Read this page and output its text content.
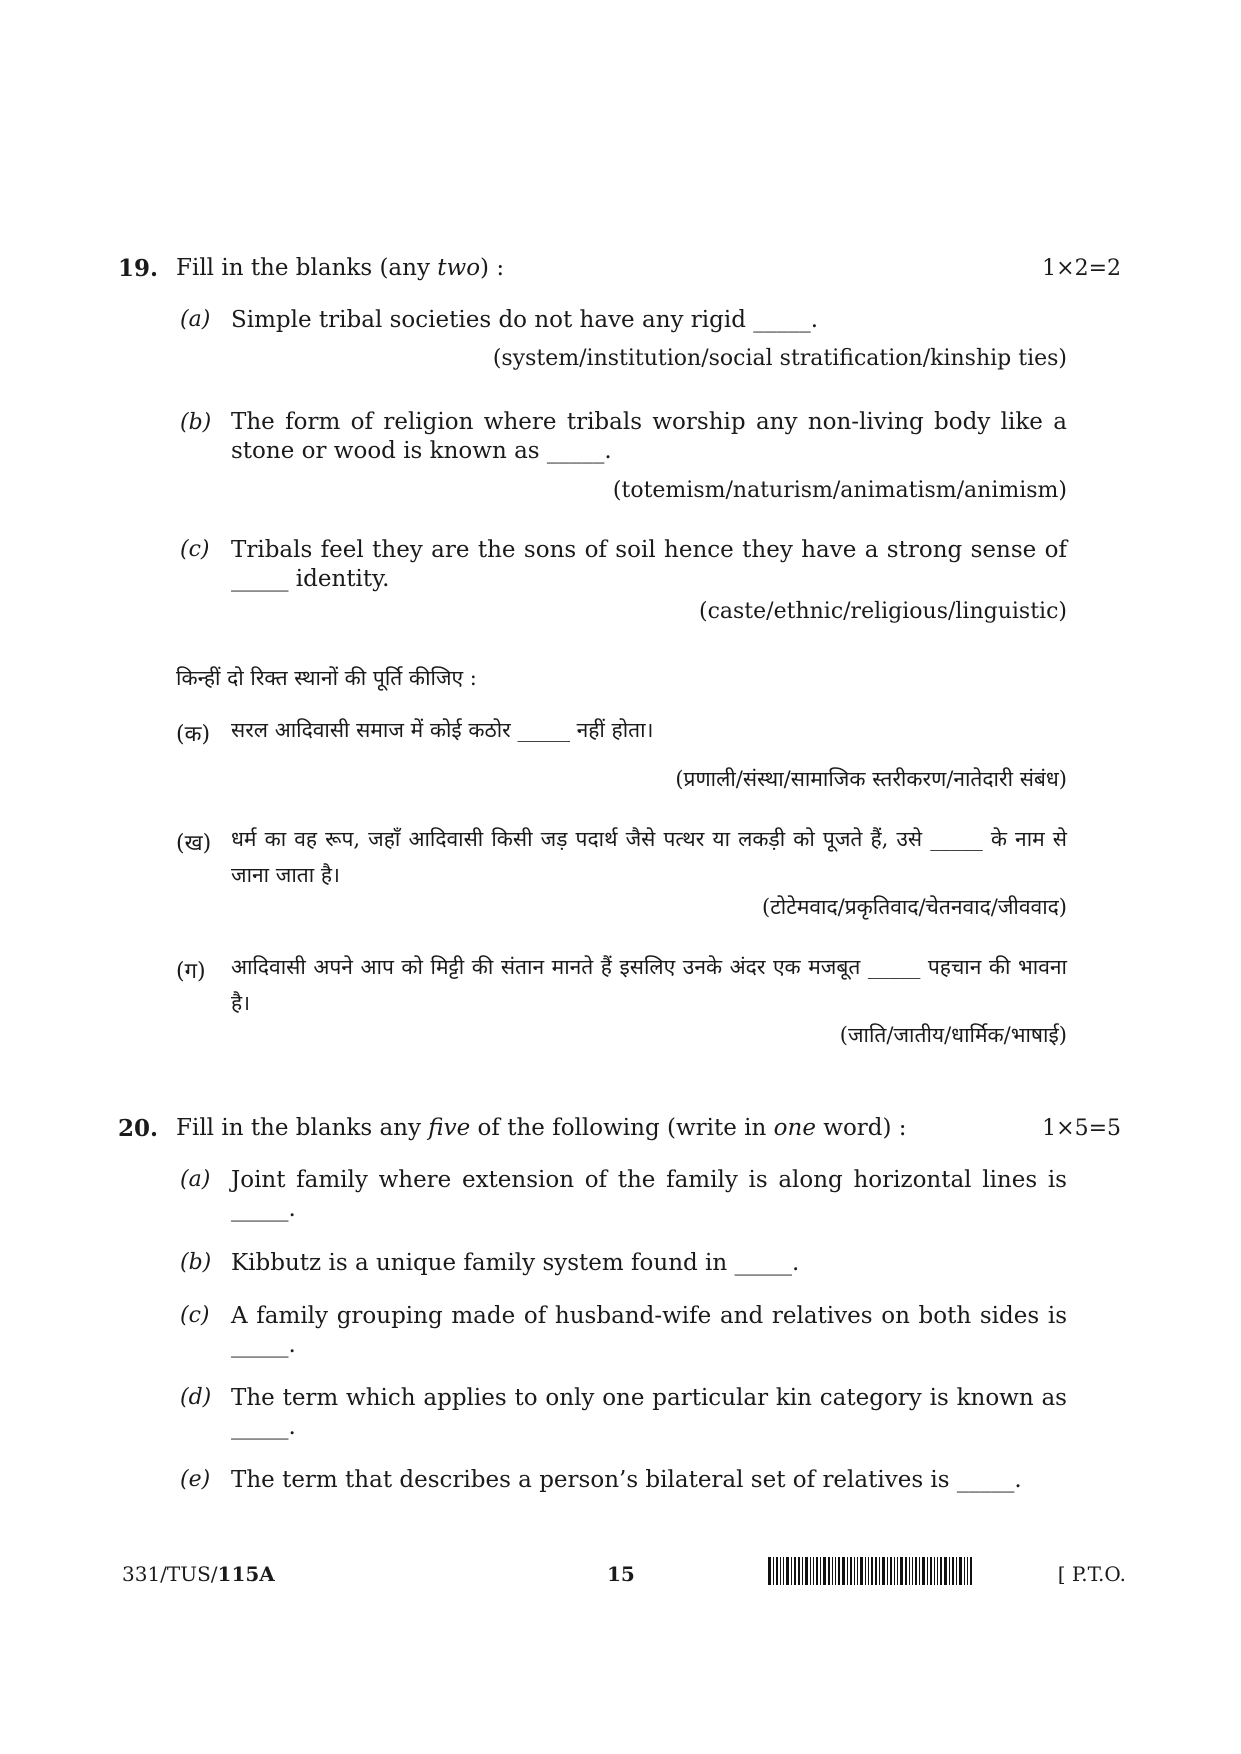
19. Fill in the blanks (any two) :	1×2=2
(a) Simple tribal societies do not have any rigid _____.
(system/institution/social stratification/kinship ties)
(b) The form of religion where tribals worship any non-living body like a stone or wood is known as _____.
(totemism/naturism/animatism/animism)
(c) Tribals feel they are the sons of soil hence they have a strong sense of _____ identity.
(caste/ethnic/religious/linguistic)
किन्हीं दो रिक्त स्थानों की पूर्ति कीजिए :
(क) सरल आदिवासी समाज में कोई कठोर _____ नहीं होता।
(प्रणाली/संस्था/सामाजिक स्तरीकरण/नातेदारी संबंध)
(ख) धर्म का वह रूप, जहाँ आदिवासी किसी जड़ पदार्थ जैसे पत्थर या लकड़ी को पूजते हैं, उसे _____ के नाम से जाना जाता है।
(टोटेमवाद/प्रकृतिवाद/चेतनवाद/जीववाद)
(ग) आदिवासी अपने आप को मिट्टी की संतान मानते हैं इसलिए उनके अंदर एक मजबूत _____ पहचान की भावना है।
(जाति/जातीय/धार्मिक/भाषाई)
20. Fill in the blanks any five of the following (write in one word) :	1×5=5
(a) Joint family where extension of the family is along horizontal lines is _____.
(b) Kibbutz is a unique family system found in _____.
(c) A family grouping made of husband-wife and relatives on both sides is _____.
(d) The term which applies to only one particular kin category is known as _____.
(e) The term that describes a person’s bilateral set of relatives is _____.
331/TUS/115A	15	[ P.T.O.
